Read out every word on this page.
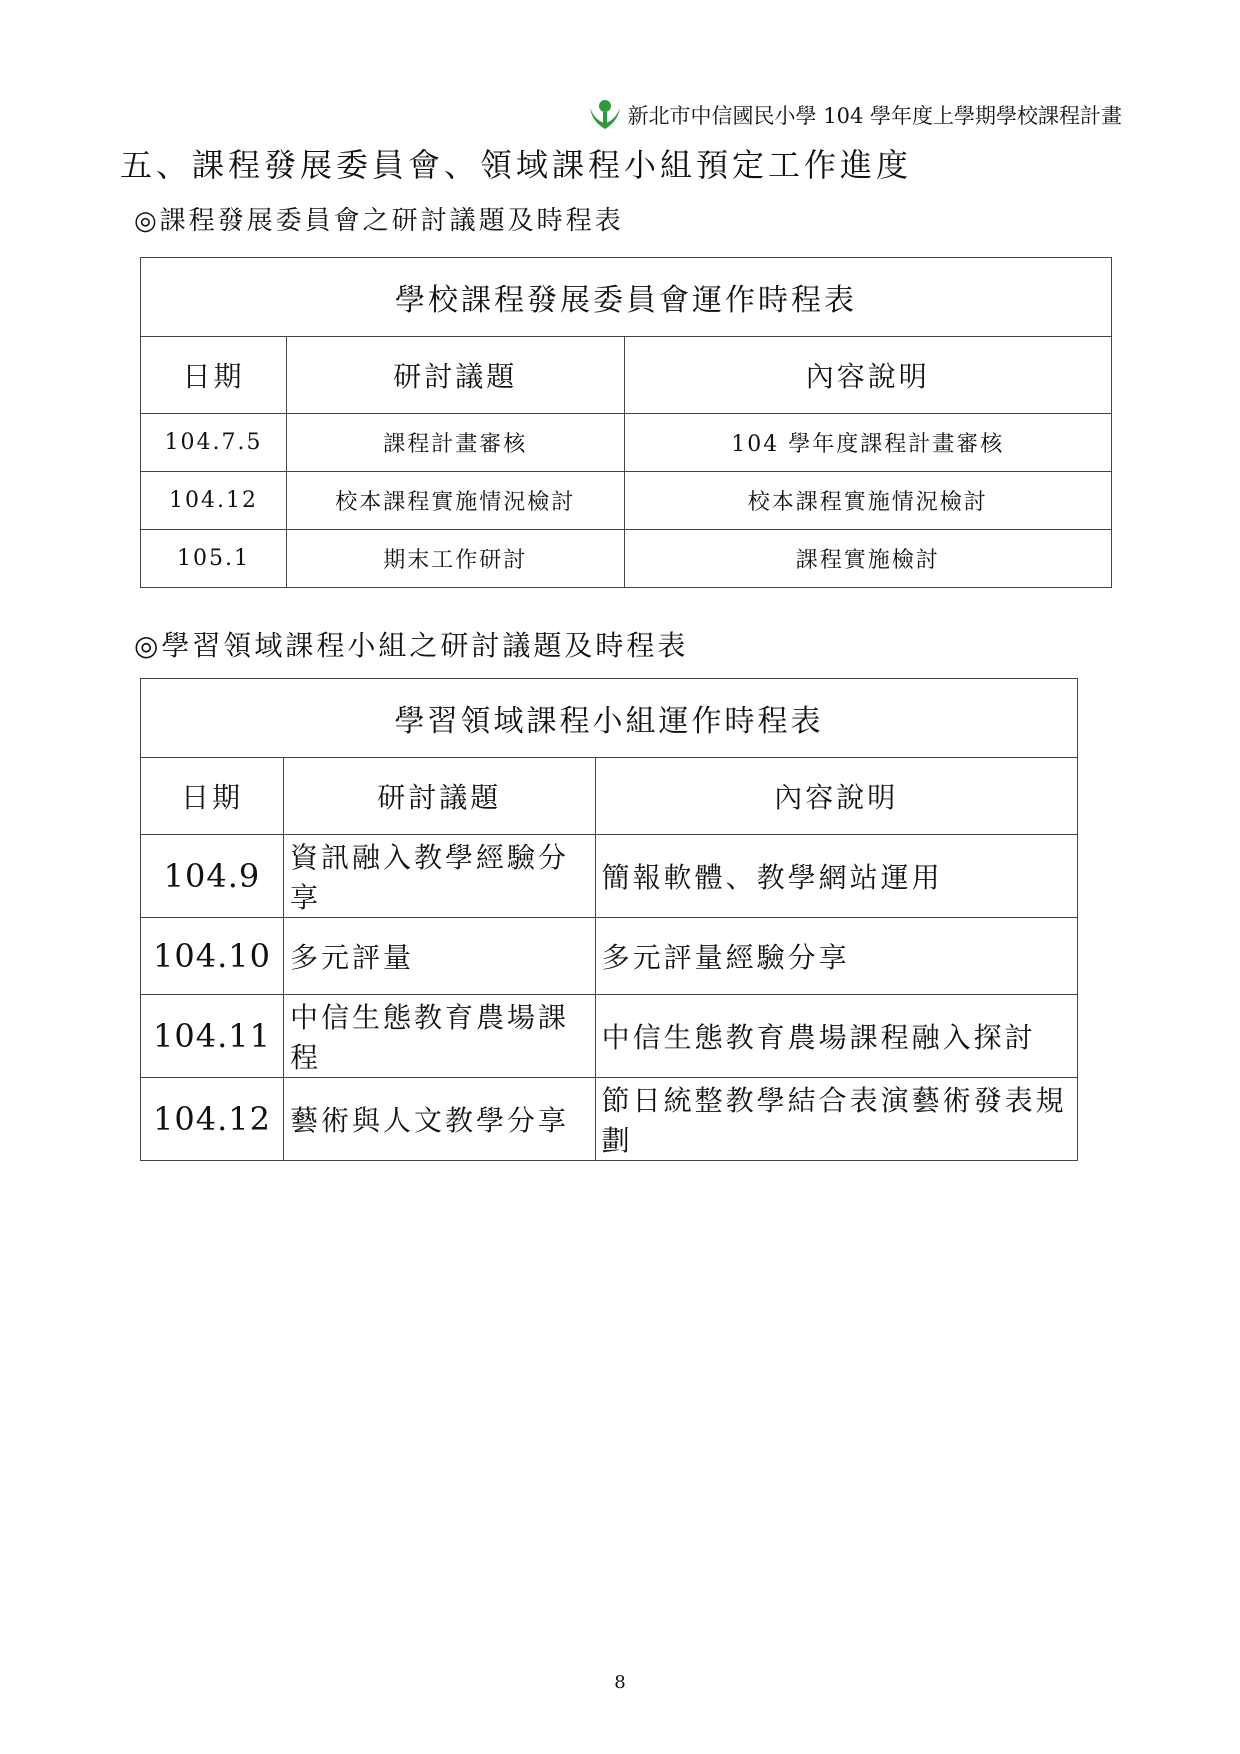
新北市中信國民小學 104 學年度上學期學校課程計畫
五、課程發展委員會、領域課程小組預定工作進度
◎課程發展委員會之研討議題及時程表
學校課程發展委員會運作時程表		
日期	研討議題	內容說明
104.7.5	課程計畫審核	104 學年度課程計畫審核
104.12	校本課程實施情況檢討	校本課程實施情況檢討
105.1	期末工作研討	課程實施檢討
◎學習領域課程小組之研討議題及時程表
學習領域課程小組運作時程表		
日期	研討議題	內容說明
104.9	資訊融入教學經驗分享	簡報軟體、教學網站運用
104.10	多元評量	多元評量經驗分享
104.11	中信生態教育農場課程	中信生態教育農場課程融入探討
104.12	藝術與人文教學分享	節日統整教學結合表演藝術發表規劃
8
